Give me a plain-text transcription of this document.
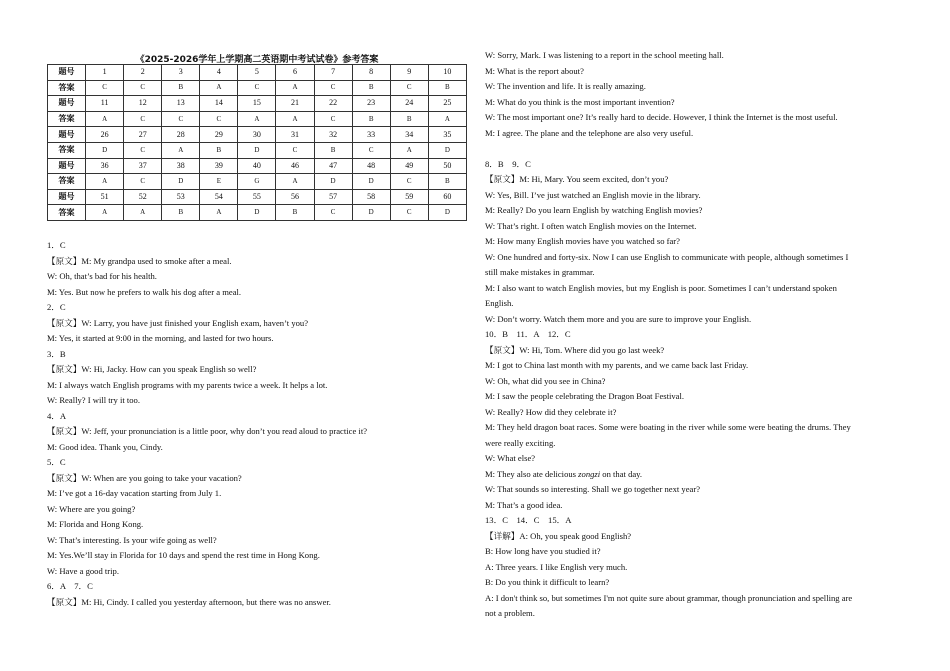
《2025-2026学年上学期高二英语期中考试试卷》参考答案
题号	1	2	3	4	5	6	7	8	9	10
答案	C	C	B	A	C	A	C	B	C	B
题号	11	12	13	14	15	21	22	23	24	25
答案	A	C	C	C	A	A	C	B	B	A
题号	26	27	28	29	30	31	32	33	34	35
答案	D	C	A	B	D	C	B	C	A	D
题号	36	37	38	39	40	46	47	48	49	50
答案	A	C	D	E	G	A	D	D	C	B
题号	51	52	53	54	55	56	57	58	59	60
答案	A	A	B	A	D	B	C	D	C	D
1．C
【原文】M: My grandpa used to smoke after a meal.
W: Oh, that’s bad for his health.
M: Yes. But now he prefers to walk his dog after a meal.
2．C
【原文】W: Larry, you have just finished your English exam, haven’t you?
M: Yes, it started at 9:00 in the morning, and lasted for two hours.
3．B
【原文】W: Hi, Jacky. How can you speak English so well?
M: I always watch English programs with my parents twice a week. It helps a lot.
W: Really? I will try it too.
4．A
【原文】W: Jeff, your pronunciation is a little poor, why don’t you read aloud to practice it?
M: Good idea. Thank you, Cindy.
5．C
【原文】W: When are you going to take your vacation?
M: I’ve got a 16-day vacation starting from July 1.
W: Where are you going?
M: Florida and Hong Kong.
W: That’s interesting. Is your wife going as well?
M: Yes.We’ll stay in Florida for 10 days and spend the rest time in Hong Kong.
W: Have a good trip.
6．A　7．C
【原文】M: Hi, Cindy. I called you yesterday afternoon, but there was no answer.
W: Sorry, Mark. I was listening to a report in the school meeting hall.
M: What is the report about?
W: The invention and life. It is really amazing.
M: What do you think is the most important invention?
W: The most important one? It’s really hard to decide. However, I think the Internet is the most useful.
M: I agree. The plane and the telephone are also very useful.

8．B　9．C
【原文】M: Hi, Mary. You seem excited, don’t you?
W: Yes, Bill. I’ve just watched an English movie in the library.
M: Really? Do you learn English by watching English movies?
W: That’s right. I often watch English movies on the Internet.
M: How many English movies have you watched so far?
W: One hundred and forty-six. Now I can use English to communicate with people, although sometimes I
still make mistakes in grammar.
M: I also want to watch English movies, but my English is poor. Sometimes I can’t understand spoken
English.
W: Don’t worry. Watch them more and you are sure to improve your English.
10．B　11．A　12．C
【原文】W: Hi, Tom. Where did you go last week?
M: I got to China last month with my parents, and we came back last Friday.
W: Oh, what did you see in China?
M: I saw the people celebrating the Dragon Boat Festival.
W: Really? How did they celebrate it?
M: They held dragon boat races. Some were boating in the river while some were beating the drums. They
were really exciting.
W: What else?
M: They also ate delicious zongzi on that day.
W: That sounds so interesting. Shall we go together next year?
M: That’s a good idea.
13．C　14．C　15．A
【详解】A: Oh, you speak good English?
B: How long have you studied it?
A: Three years. I like English very much.
B: Do you think it difficult to learn?
A: I don't think so, but sometimes I'm not quite sure about grammar, though pronunciation and spelling are
not a problem.
